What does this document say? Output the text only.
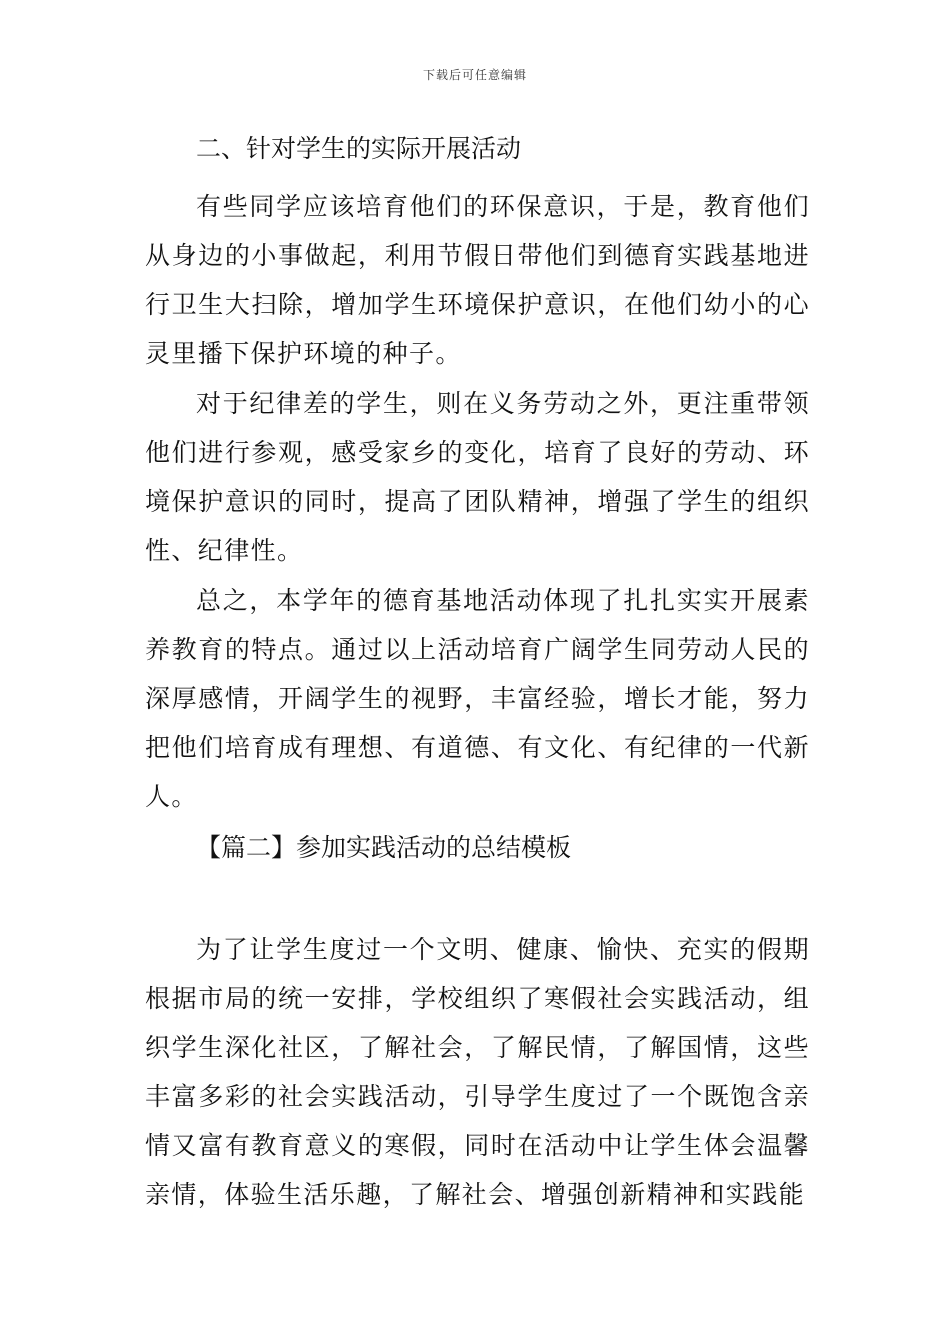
下载后可任意编辑

二、针对学生的实际开展活动

有些同学应该培育他们的环保意识，于是，教育他们从身边的小事做起，利用节假日带他们到德育实践基地进行卫生大扫除，增加学生环境保护意识，在他们幼小的心灵里播下保护环境的种子。

对于纪律差的学生，则在义务劳动之外，更注重带领他们进行参观，感受家乡的变化，培育了良好的劳动、环境保护意识的同时，提高了团队精神，增强了学生的组织性、纪律性。

总之，本学年的德育基地活动体现了扎扎实实开展素养教育的特点。通过以上活动培育广阔学生同劳动人民的深厚感情，开阔学生的视野，丰富经验，增长才能，努力把他们培育成有理想、有道德、有文化、有纪律的一代新人。

【篇二】参加实践活动的总结模板

为了让学生度过一个文明、健康、愉快、充实的假期根据市局的统一安排，学校组织了寒假社会实践活动，组织学生深化社区，了解社会，了解民情，了解国情，这些丰富多彩的社会实践活动，引导学生度过了一个既饱含亲情又富有教育意义的寒假，同时在活动中让学生体会温馨亲情，体验生活乐趣，了解社会、增强创新精神和实践能
